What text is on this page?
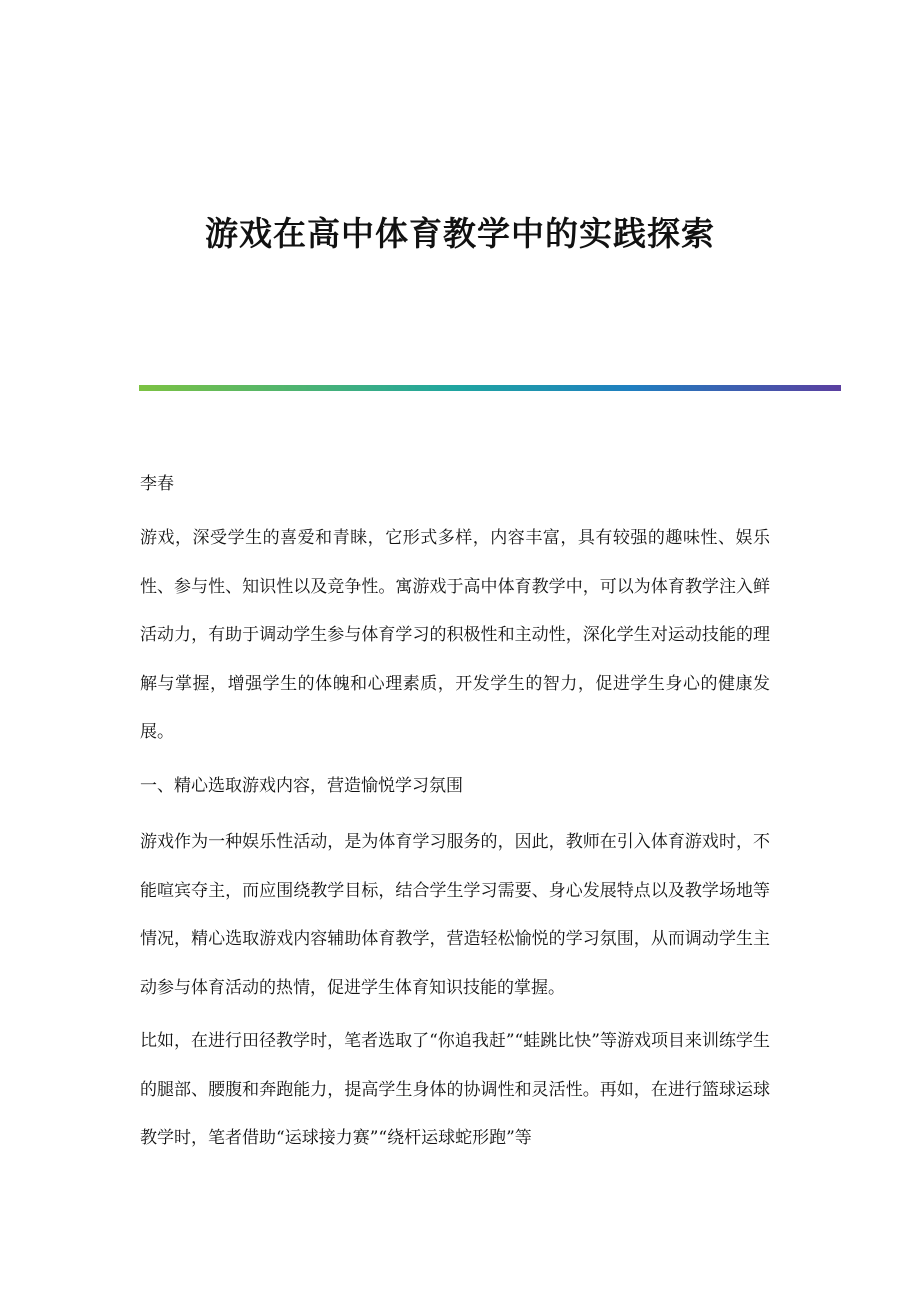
游戏在高中体育教学中的实践探索

李春

游戏，深受学生的喜爱和青睐，它形式多样，内容丰富，具有较强的趣味性、娱乐性、参与性、知识性以及竞争性。寓游戏于高中体育教学中，可以为体育教学注入鲜活动力，有助于调动学生参与体育学习的积极性和主动性，深化学生对运动技能的理解与掌握，增强学生的体魄和心理素质，开发学生的智力，促进学生身心的健康发展。

一、精心选取游戏内容，营造愉悦学习氛围

游戏作为一种娱乐性活动，是为体育学习服务的，因此，教师在引入体育游戏时，不能喧宾夺主，而应围绕教学目标，结合学生学习需要、身心发展特点以及教学场地等情况，精心选取游戏内容辅助体育教学，营造轻松愉悦的学习氛围，从而调动学生主动参与体育活动的热情，促进学生体育知识技能的掌握。

比如，在进行田径教学时，笔者选取了“你追我赶”“蛙跳比快”等游戏项目来训练学生的腿部、腰腹和奔跑能力，提高学生身体的协调性和灵活性。再如，在进行篮球运球教学时，笔者借助“运球接力赛”“绕杆运球蛇形跑”等
